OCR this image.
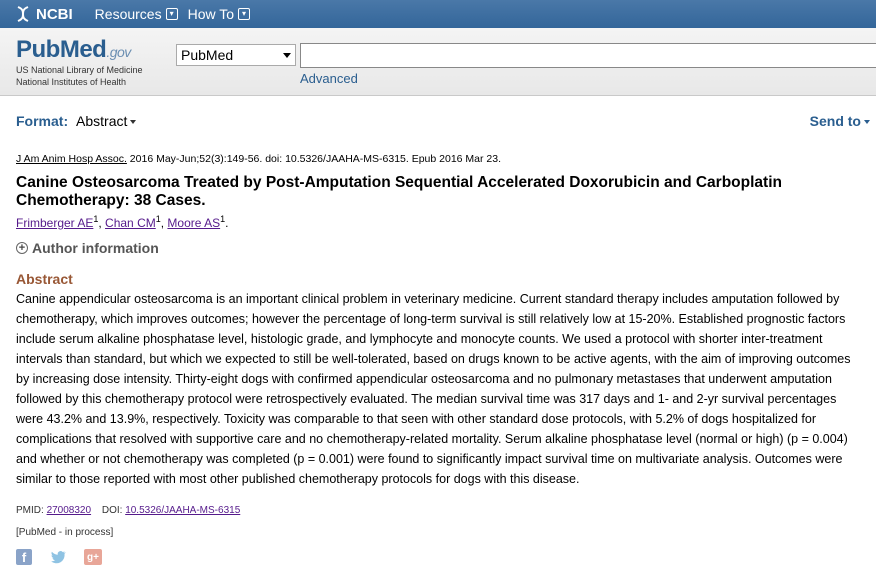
NCBI Resources ▾ How To ▾
PubMed.gov
US National Library of Medicine
National Institutes of Health
PubMed
Advanced
Format: Abstract	Send to
J Am Anim Hosp Assoc. 2016 May-Jun;52(3):149-56. doi: 10.5326/JAAHA-MS-6315. Epub 2016 Mar 23.
Canine Osteosarcoma Treated by Post-Amputation Sequential Accelerated Doxorubicin and Carboplatin Chemotherapy: 38 Cases.
Frimberger $AE^1$, Chan $CM^1$, Moore $AS^1$.
+ Author information
Abstract
Canine appendicular osteosarcoma is an important clinical problem in veterinary medicine. Current standard therapy includes amputation followed by chemotherapy, which improves outcomes; however the percentage of long-term survival is still relatively low at 15-20%. Established prognostic factors include serum alkaline phosphatase level, histologic grade, and lymphocyte and monocyte counts. We used a protocol with shorter inter-treatment intervals than standard, but which we expected to still be well-tolerated, based on drugs known to be active agents, with the aim of improving outcomes by increasing dose intensity. Thirty-eight dogs with confirmed appendicular osteosarcoma and no pulmonary metastases that underwent amputation followed by this chemotherapy protocol were retrospectively evaluated. The median survival time was 317 days and 1- and 2-yr survival percentages were 43.2% and 13.9%, respectively. Toxicity was comparable to that seen with other standard dose protocols, with 5.2% of dogs hospitalized for complications that resolved with supportive care and no chemotherapy-related mortality. Serum alkaline phosphatase level (normal or high) (p = 0.004) and whether or not chemotherapy was completed (p = 0.001) were found to significantly impact survival time on multivariate analysis. Outcomes were similar to those reported with most other published chemotherapy protocols for dogs with this disease.
PMID: 27008320 DOI: 10.5326/JAAHA-MS-6315
[PubMed - in process]
f	g+
